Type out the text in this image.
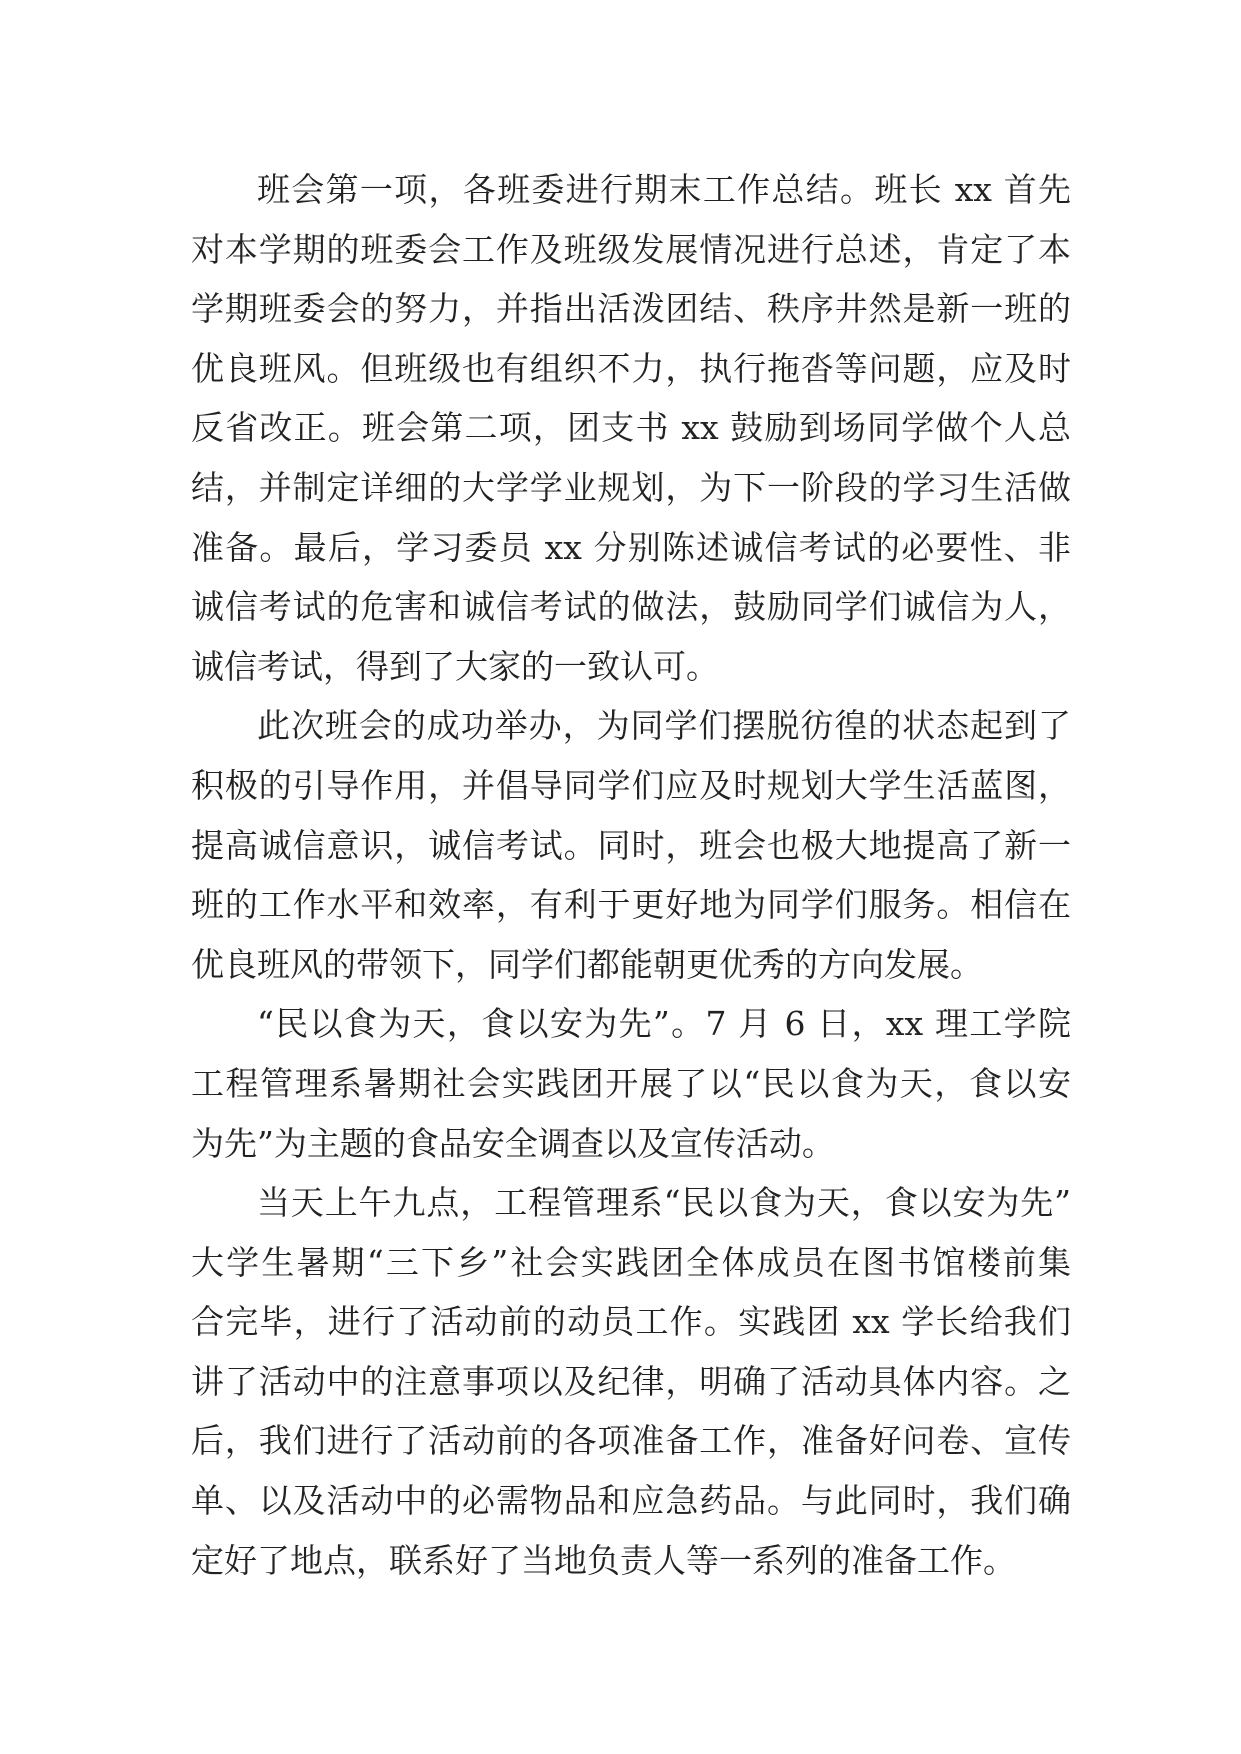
班会第一项，各班委进行期末工作总结。班长 xx 首先
对本学期的班委会工作及班级发展情况进行总述，肯定了本
学期班委会的努力，并指出活泼团结、秩序井然是新一班的
优良班风。但班级也有组织不力，执行拖沓等问题，应及时
反省改正。班会第二项，团支书 xx 鼓励到场同学做个人总
结，并制定详细的大学学业规划，为下一阶段的学习生活做
准备。最后，学习委员 xx 分别陈述诚信考试的必要性、非
诚信考试的危害和诚信考试的做法，鼓励同学们诚信为人，
诚信考试，得到了大家的一致认可。
此次班会的成功举办，为同学们摆脱彷徨的状态起到了
积极的引导作用，并倡导同学们应及时规划大学生活蓝图，
提高诚信意识，诚信考试。同时，班会也极大地提高了新一
班的工作水平和效率，有利于更好地为同学们服务。相信在
优良班风的带领下，同学们都能朝更优秀的方向发展。
“民以食为天，食以安为先”。7 月 6 日，xx 理工学院
工程管理系暑期社会实践团开展了以“民以食为天，食以安
为先”为主题的食品安全调查以及宣传活动。
当天上午九点，工程管理系“民以食为天，食以安为先”
大学生暑期“三下乡”社会实践团全体成员在图书馆楼前集
合完毕，进行了活动前的动员工作。实践团 xx 学长给我们
讲了活动中的注意事项以及纪律，明确了活动具体内容。之
后，我们进行了活动前的各项准备工作，准备好问卷、宣传
单、以及活动中的必需物品和应急药品。与此同时，我们确
定好了地点，联系好了当地负责人等一系列的准备工作。
